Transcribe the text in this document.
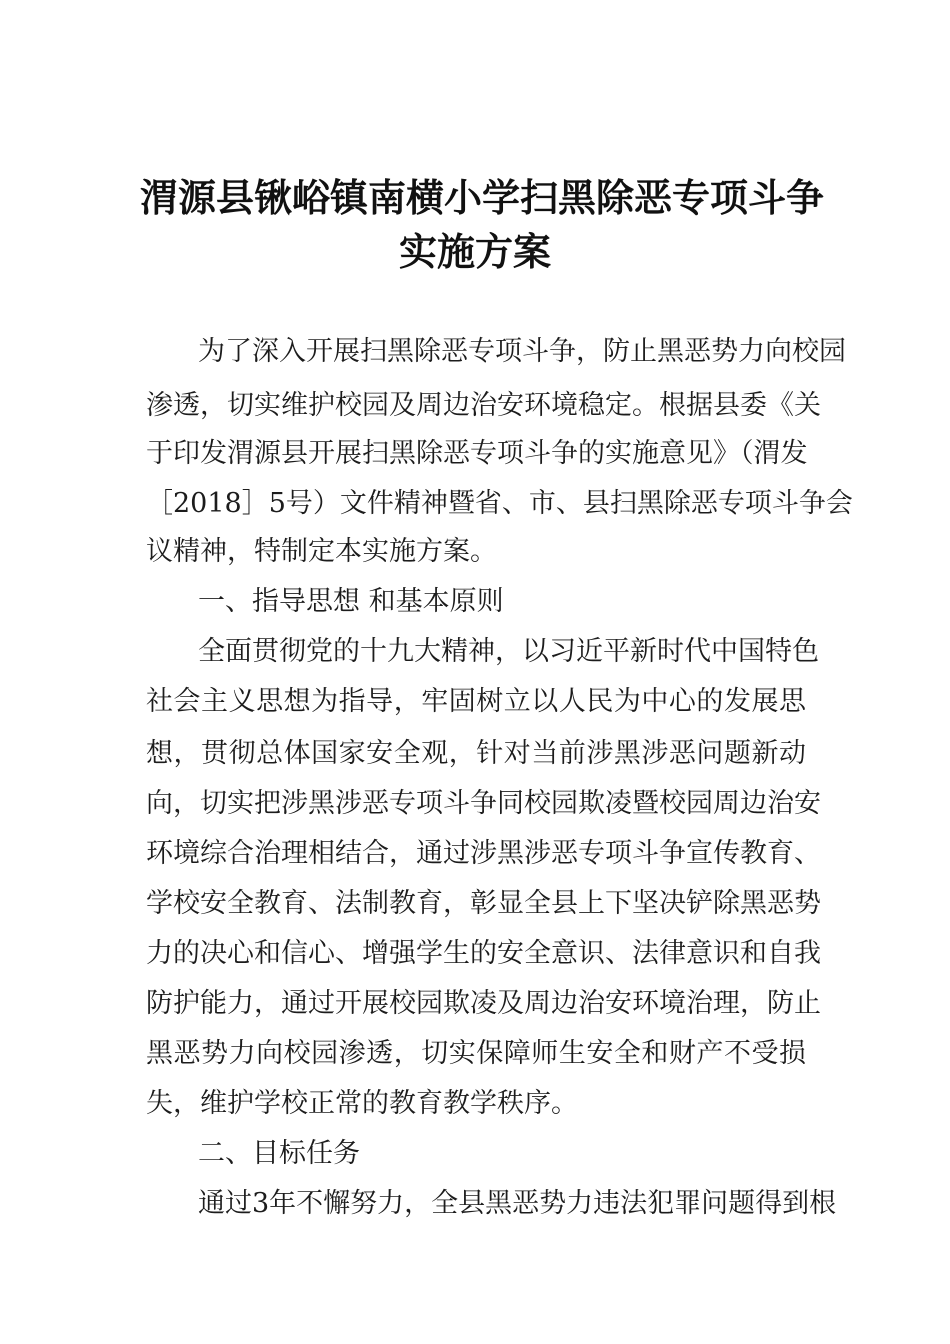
渭源县锹峪镇南横小学扫黑除恶专项斗争
实施方案
为了深入开展扫黑除恶专项斗争，防止黑恶势力向校园
渗透，切实维护校园及周边治安环境稳定。根据县委《关
于印发渭源县开展扫黑除恶专项斗争的实施意见》（渭发
［2018］5号）文件精神暨省、市、县扫黑除恶专项斗争会
议精神，特制定本实施方案。
一、指导思想 和基本原则
全面贯彻党的十九大精神，以习近平新时代中国特色
社会主义思想为指导，牢固树立以人民为中心的发展思
想，贯彻总体国家安全观，针对当前涉黑涉恶问题新动
向，切实把涉黑涉恶专项斗争同校园欺凌暨校园周边治安
环境综合治理相结合，通过涉黑涉恶专项斗争宣传教育、
学校安全教育、法制教育，彰显全县上下坚决铲除黑恶势
力的决心和信心、增强学生的安全意识、法律意识和自我
防护能力，通过开展校园欺凌及周边治安环境治理，防止
黑恶势力向校园渗透，切实保障师生安全和财产不受损
失，维护学校正常的教育教学秩序。
二、目标任务
通过3年不懈努力，全县黑恶势力违法犯罪问题得到根
